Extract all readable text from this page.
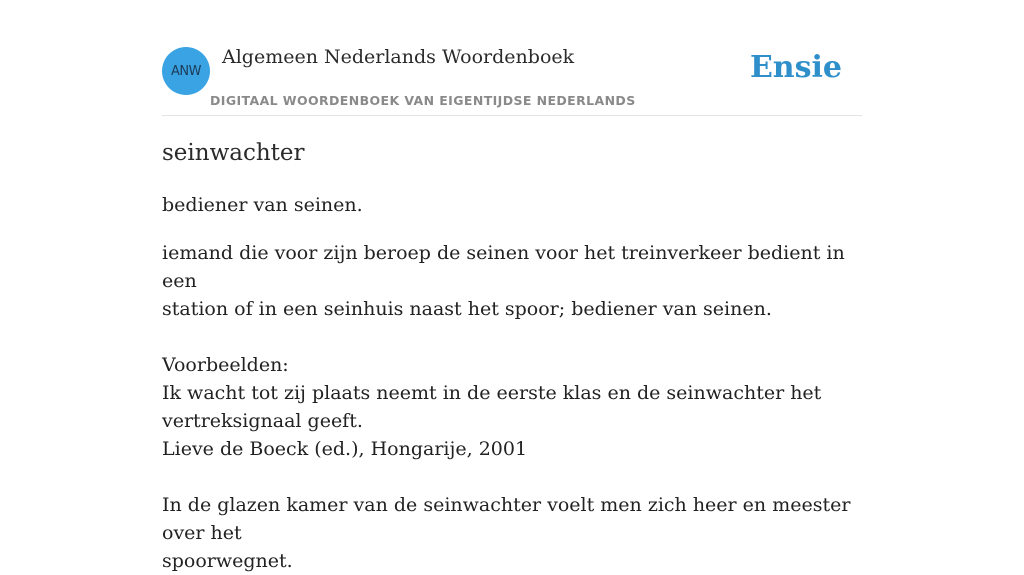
ANW
Algemeen Nederlands Woordenboek
DIGITAAL WOORDENBOEK VAN EIGENTIJDSE NEDERLANDS
Ensie
seinwachter

bediener van seinen.

iemand die voor zijn beroep de seinen voor het treinverkeer bedient in een

station of in een seinhuis naast het spoor; bediener van seinen.

Voorbeelden:

Ik wacht tot zij plaats neemt in de eerste klas en de seinwachter het

vertreksignaal geeft.

Lieve de Boeck (ed.), Hongarije, 2001

In de glazen kamer van de seinwachter voelt men zich heer en meester over het

spoorwegnet.
